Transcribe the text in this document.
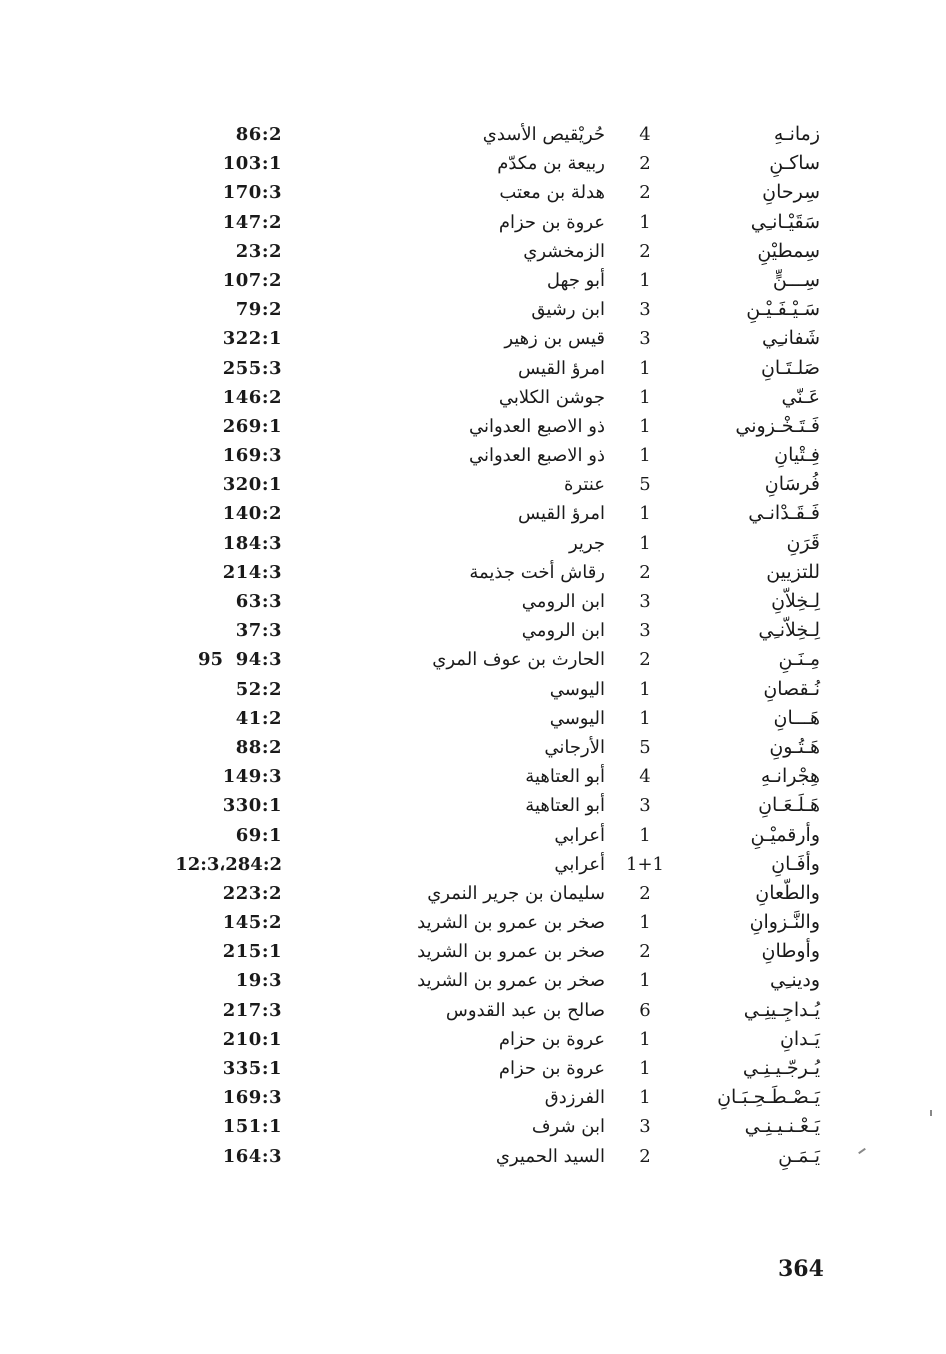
زمانـهِ
4
حُريْقيص الأسدي
86:2
ساكـنِ
2
ربيعة بن مكدّم
103:1
سِرحانِ
2
هدلة بن معتب
170:3
سَقَيْـانـِي
1
عروة بن حزام
147:2
سِمطيْنِ
2
الزمخشري
23:2
سِـــنٍّ
1
أبو جهل
107:2
سَـيْـفَـيْـنِ
3
ابن رشيق
79:2
شَفانـِي
3
قيس بن زهير
322:1
صَلـتَـانِ
1
امرؤ القيس
255:3
عَـنّي
1
جوشن الكلابي
146:2
فَـتَـخْـزوني
1
ذو الاصبع العدواني
269:1
فِـتْيانِ
1
ذو الاصبع العدواني
169:3
فُرسَانِ
5
عنترة
320:1
فَـقَـدْانـي
1
امرؤ القيس
140:2
قَرَنِ
1
جرير
184:3
للتزيين
2
رقاش أخت جذيمة
214:3
لِـخِلاّنِ
3
ابن الرومي
63:3
لِـخِلاّنـِي
3
ابن الرومي
37:3
مِـنَـنِ
2
الحارث بن عوف المري
94:3
95
نُـقصانِ
1
اليوسي
52:2
هَـــانِ
1
اليوسي
41:2
هَـتُـونِ
5
الأرجاني
88:2
هِجْرانـهِ
4
أبو العتاهية
149:3
هَـلَـعَـانِ
3
أبو العتاهية
330:1
وأرقميْـنِ
1
أعرابي
69:1
وأفَـانِ
1+1
أعرابي
12:3،284:2
والطّعانِ
2
سليمان بن جرير النمري
223:2
والنَّـزوانِ
1
صخر بن عمرو بن الشريد
145:2
وأوطانِ
2
صخر بن عمرو بن الشريد
215:1
ودينـِي
1
صخر بن عمرو بن الشريد
19:3
يُـداجِـينِـي
6
صالح بن عبد القدوس
217:3
يَـدانِ
1
عروة بن حزام
210:1
يُـرجّـيـنِـي
1
عروة بن حزام
335:1
يَـصْـطَـحِـبَـانِ
1
الفرزدق
169:3
يَـعْـنـيـنِـي
3
ابن شرف
151:1
يَـمَـنِ
2
السيد الحميري
164:3
364
